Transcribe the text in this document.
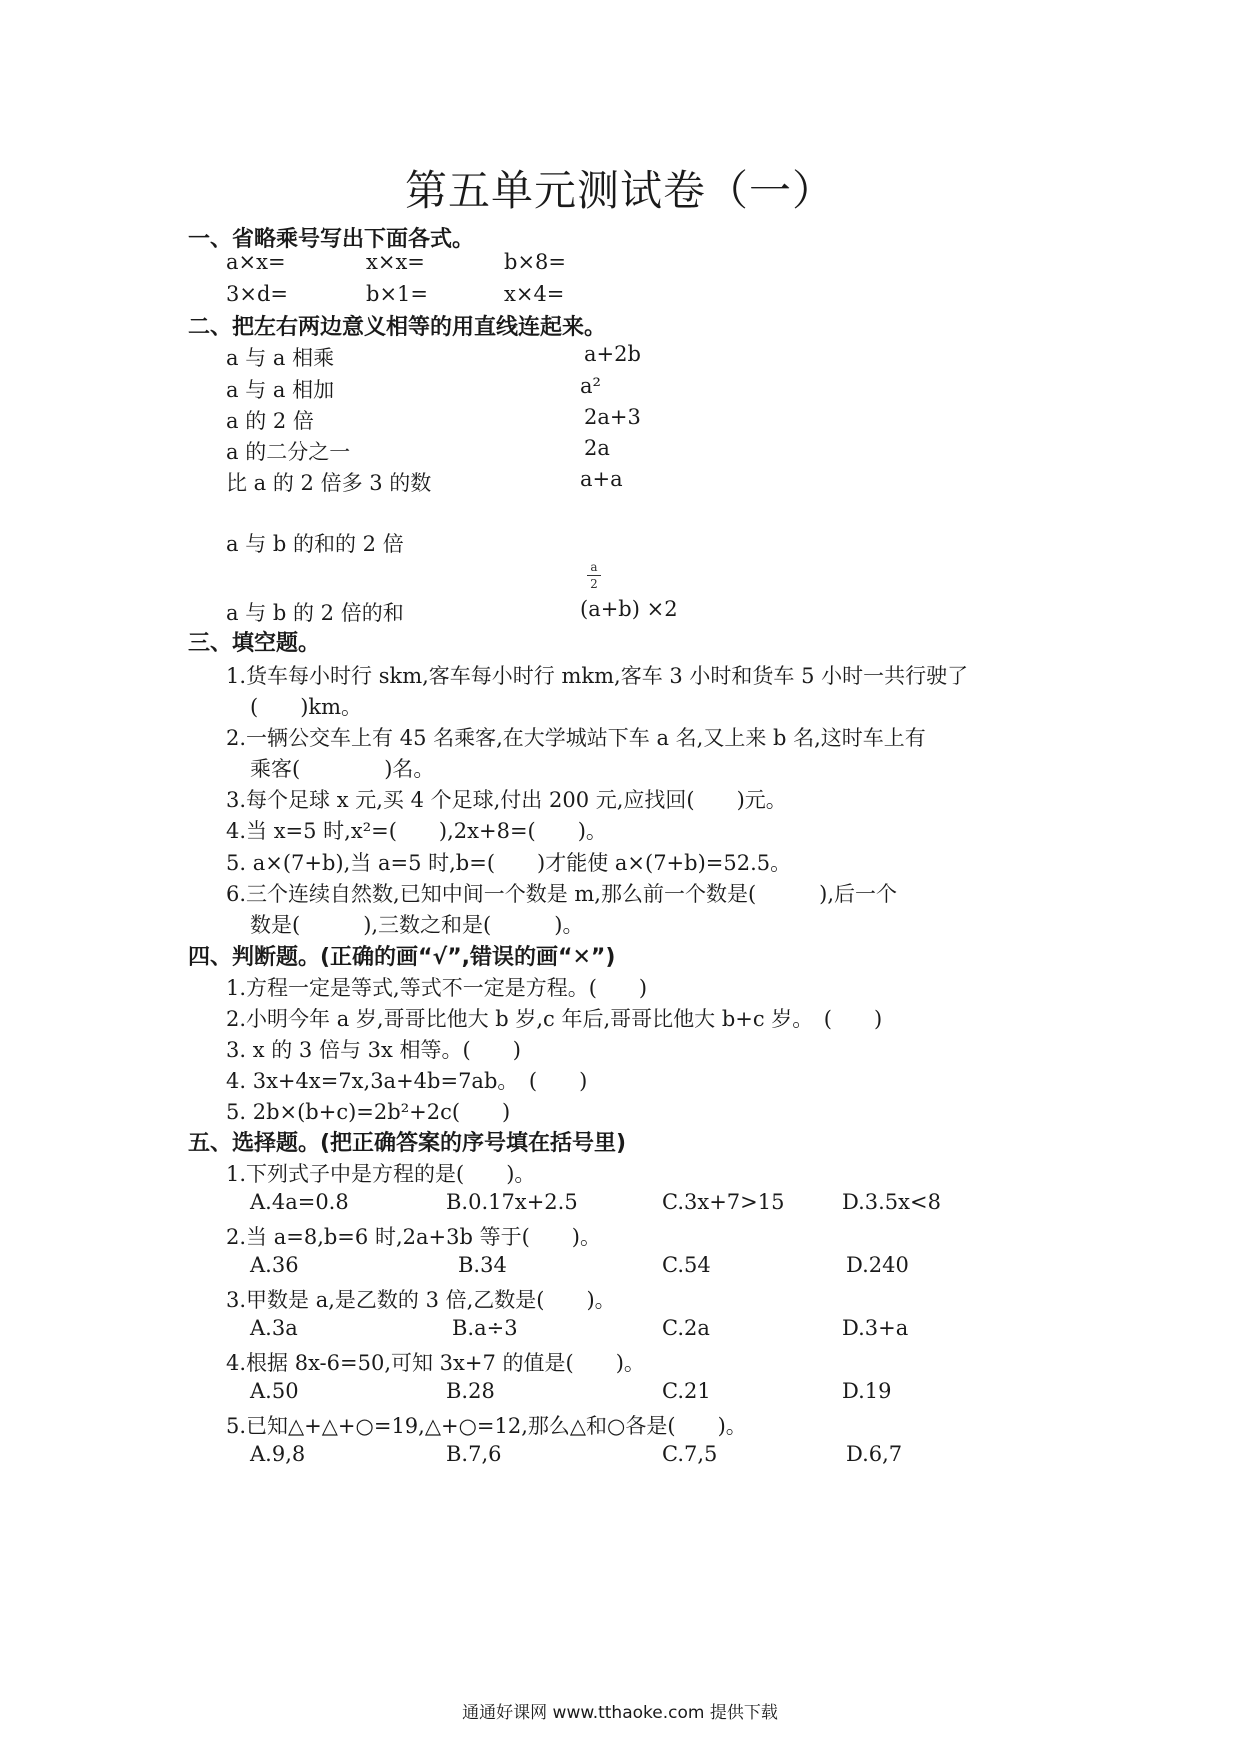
第五单元测试卷（一）
一、省略乘号写出下面各式。
a×x=	x×x=	b×8=
3×d=	b×1=	x×4=
二、把左右两边意义相等的用直线连起来。
a 与 a 相乘
a 与 a 相加
a 的 2 倍
a 的二分之一
比 a 的 2 倍多 3 的数
a 与 b 的和的 2 倍
a 与 b 的 2 倍的和
a+2b
a²
2a+3
2a
a+a
a
2
(a+b) ×2
三、填空题。
1.货车每小时行 skm,客车每小时行 mkm,客车 3 小时和货车 5 小时一共行驶了
(　　)km。
2.一辆公交车上有 45 名乘客,在大学城站下车 a 名,又上来 b 名,这时车上有
乘客(　　　　)名。
3.每个足球 x 元,买 4 个足球,付出 200 元,应找回(　　)元。
4.当 x=5 时,x²=(　　),2x+8=(　　)。
5. a×(7+b),当 a=5 时,b=(　　)才能使 a×(7+b)=52.5。
6.三个连续自然数,已知中间一个数是 m,那么前一个数是(　　　),后一个
数是(　　　),三数之和是(　　　)。
四、判断题。(正确的画“√”,错误的画“✕”)
1.方程一定是等式,等式不一定是方程。(　　)
2.小明今年 a 岁,哥哥比他大 b 岁,c 年后,哥哥比他大 b+c 岁。　(　　)
3. x 的 3 倍与 3x 相等。(　　)
4. 3x+4x=7x,3a+4b=7ab。　(　　)
5. 2b×(b+c)=2b²+2c(　　)
五、选择题。(把正确答案的序号填在括号里)
1.下列式子中是方程的是(　　)。
A.4a=0.8	B.0.17x+2.5	C.3x+7>15	D.3.5x<8
2.当 a=8,b=6 时,2a+3b 等于(　　)。
A.36	B.34	C.54	D.240
3.甲数是 a,是乙数的 3 倍,乙数是(　　)。
A.3a	B.a÷3	C.2a	D.3+a
4.根据 8x-6=50,可知 3x+7 的值是(　　)。
A.50	B.28	C.21	D.19
5.已知△+△+○=19,△+○=12,那么△和○各是(　　)。
A.9,8	B.7,6	C.7,5	D.6,7
通通好课网 www.tthaoke.com 提供下载
